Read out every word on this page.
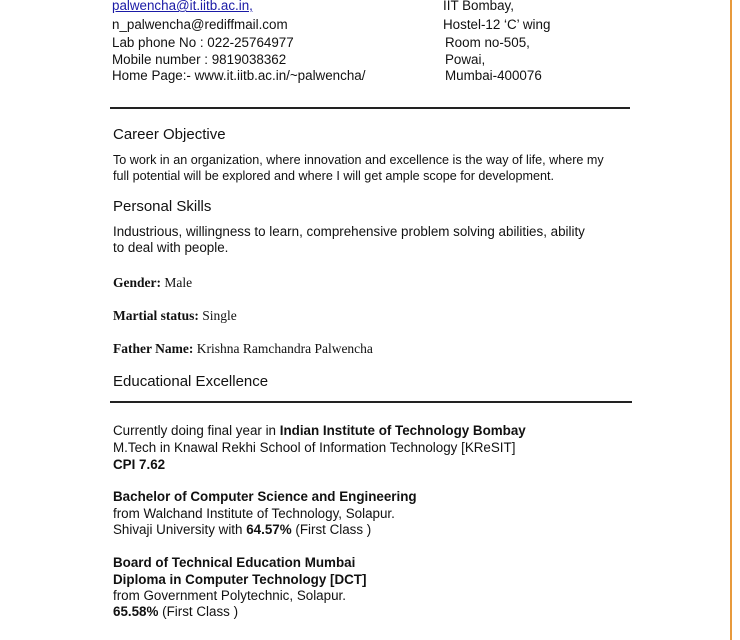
palwencha@it.iitb.ac.in,
n_palwencha@rediffmail.com
Lab phone No : 022-25764977
Mobile number : 9819038362
Home Page:- www.it.iitb.ac.in/~palwencha/
IIT Bombay,
Hostel-12 ‘C’ wing
Room no-505,
Powai,
Mumbai-400076
Career Objective
To work in an organization, where innovation and excellence is the way of life, where my
full potential will be explored and where I will get ample scope for development.
Personal Skills
Industrious, willingness to learn, comprehensive problem solving abilities, ability
to deal with people.
Gender: Male
Martial status: Single
Father Name: Krishna Ramchandra Palwencha
Educational Excellence
Currently doing final year in Indian Institute of Technology Bombay
M.Tech in Knawal Rekhi School of Information Technology [KReSIT]
CPI 7.62
Bachelor of Computer Science and Engineering
from Walchand Institute of Technology, Solapur.
Shivaji University with 64.57% (First Class )
Board of Technical Education Mumbai
Diploma in Computer Technology [DCT]
from Government Polytechnic, Solapur.
65.58% (First Class )
